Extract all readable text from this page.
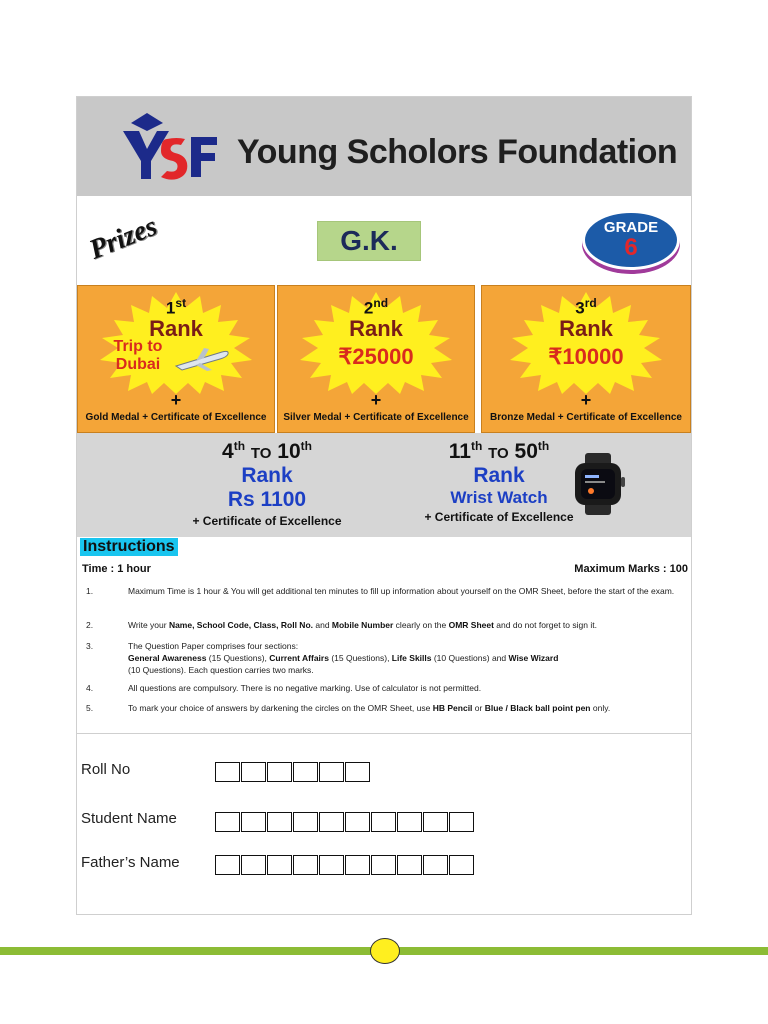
Young Scholors Foundation
Prizes	G.K.	GRADE
6
1st
Rank
Trip to
Dubai
+
Gold Medal + Certificate of Excellence
2nd
Rank
₹25000
+
Silver Medal + Certificate of Excellence
3rd
Rank
₹10000
+
Bronze Medal + Certificate of Excellence
4th TO 10th
Rank
Rs 1100
+ Certificate of Excellence
11th TO 50th
Rank
Wrist Watch
+ Certificate of Excellence
Instructions
Time : 1 hour	Maximum Marks : 100
1.	Maximum Time is 1 hour & You will get additional ten minutes to fill up information about yourself on the OMR Sheet, before the start of the exam.
2.	Write your Name, School Code, Class, Roll No. and Mobile Number clearly on the OMR Sheet and do not forget to sign it.
3.	The Question Paper comprises four sections:
General Awareness (15 Questions), Current Affairs (15 Questions), Life Skills (10 Questions) and Wise Wizard
(10 Questions). Each question carries two marks.
4.	All questions are compulsory. There is no negative marking. Use of calculator is not permitted.
5.	To mark your choice of answers by darkening the circles on the OMR Sheet, use HB Pencil or Blue / Black ball point pen only.
Roll No
Student Name
Father’s Name
